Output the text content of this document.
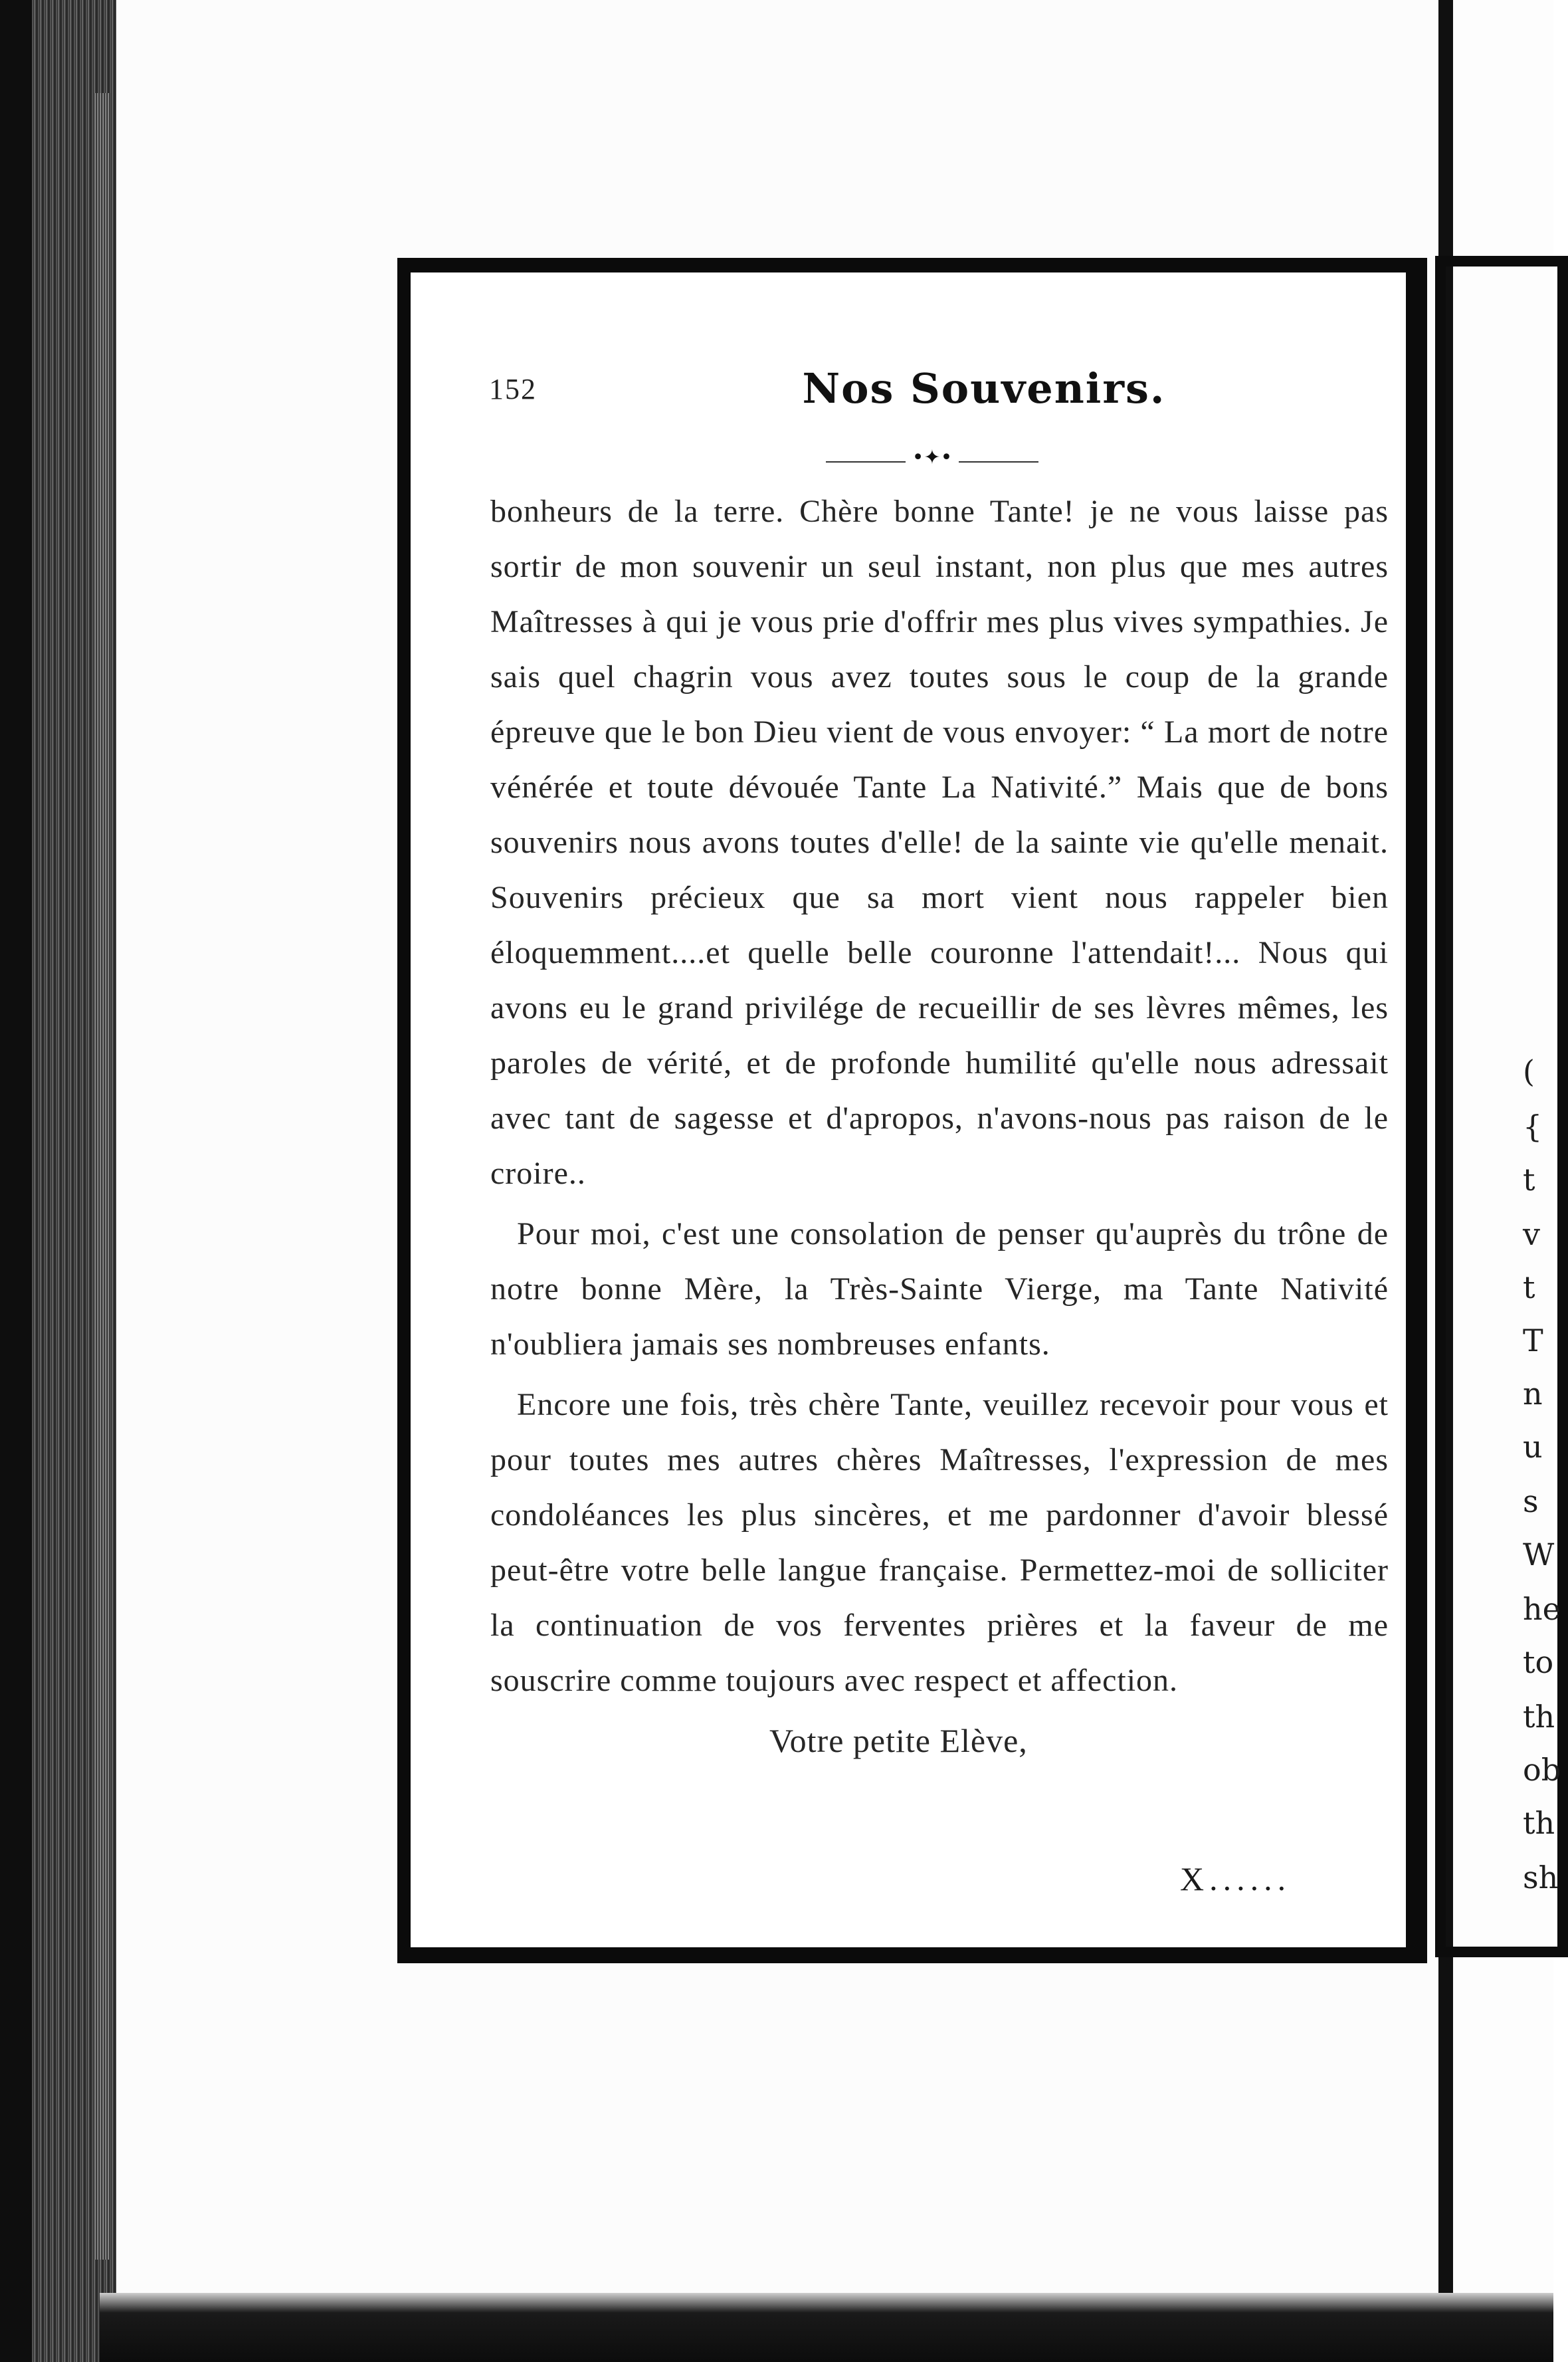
(
{
t
v
t
T
n
u
s
W
he
to
th
ob
th
sh
152	Nos Souvenirs.
•✦•

bonheurs de la terre. Chère bonne Tante! je ne vous laisse pas sortir de mon souvenir un seul instant, non plus que mes autres Maîtresses à qui je vous prie d'offrir mes plus vives sympathies. Je sais quel chagrin vous avez toutes sous le coup de la grande épreuve que le bon Dieu vient de vous envoyer: “ La mort de notre vénérée et toute dévouée Tante La Nativité.” Mais que de bons souvenirs nous avons toutes d'elle! de la sainte vie qu'elle menait. Souvenirs précieux que sa mort vient nous rappeler bien éloquemment....et quelle belle couronne l'attendait!... Nous qui avons eu le grand privilége de recueillir de ses lèvres mêmes, les paroles de vérité, et de profonde humilité qu'elle nous adressait avec tant de sagesse et d'apropos, n'avons-nous pas raison de le croire..

Pour moi, c'est une consolation de penser qu'auprès du trône de notre bonne Mère, la Très-Sainte Vierge, ma Tante Nativité n'oubliera jamais ses nombreuses enfants.

Encore une fois, très chère Tante, veuillez recevoir pour vous et pour toutes mes autres chères Maîtresses, l'expression de mes condoléances les plus sincères, et me pardonner d'avoir blessé peut-être votre belle langue française. Permettez-moi de solliciter la continuation de vos ferventes prières et la faveur de me souscrire comme toujours avec respect et affection.

Votre petite Elève,
X......
